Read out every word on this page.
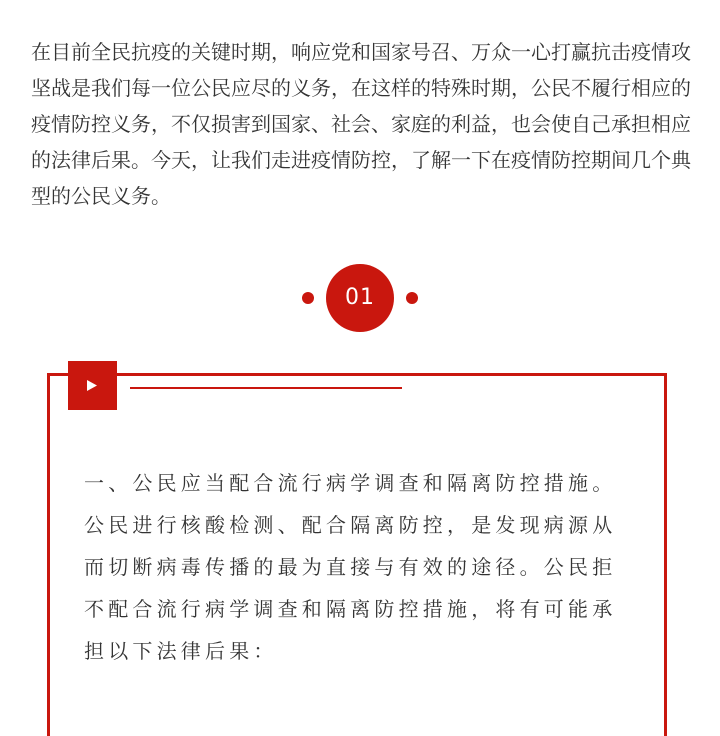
在目前全民抗疫的关键时期，响应党和国家号召、万众一心打赢抗击疫情攻坚战是我们每一位公民应尽的义务，在这样的特殊时期，公民不履行相应的疫情防控义务，不仅损害到国家、社会、家庭的利益，也会使自己承担相应的法律后果。今天，让我们走进疫情防控，了解一下在疫情防控期间几个典型的公民义务。

01

一、公民应当配合流行病学调查和隔离防控措施。公民进行核酸检测、配合隔离防控，是发现病源从而切断病毒传播的最为直接与有效的途径。公民拒不配合流行病学调查和隔离防控措施，将有可能承担以下法律后果：
